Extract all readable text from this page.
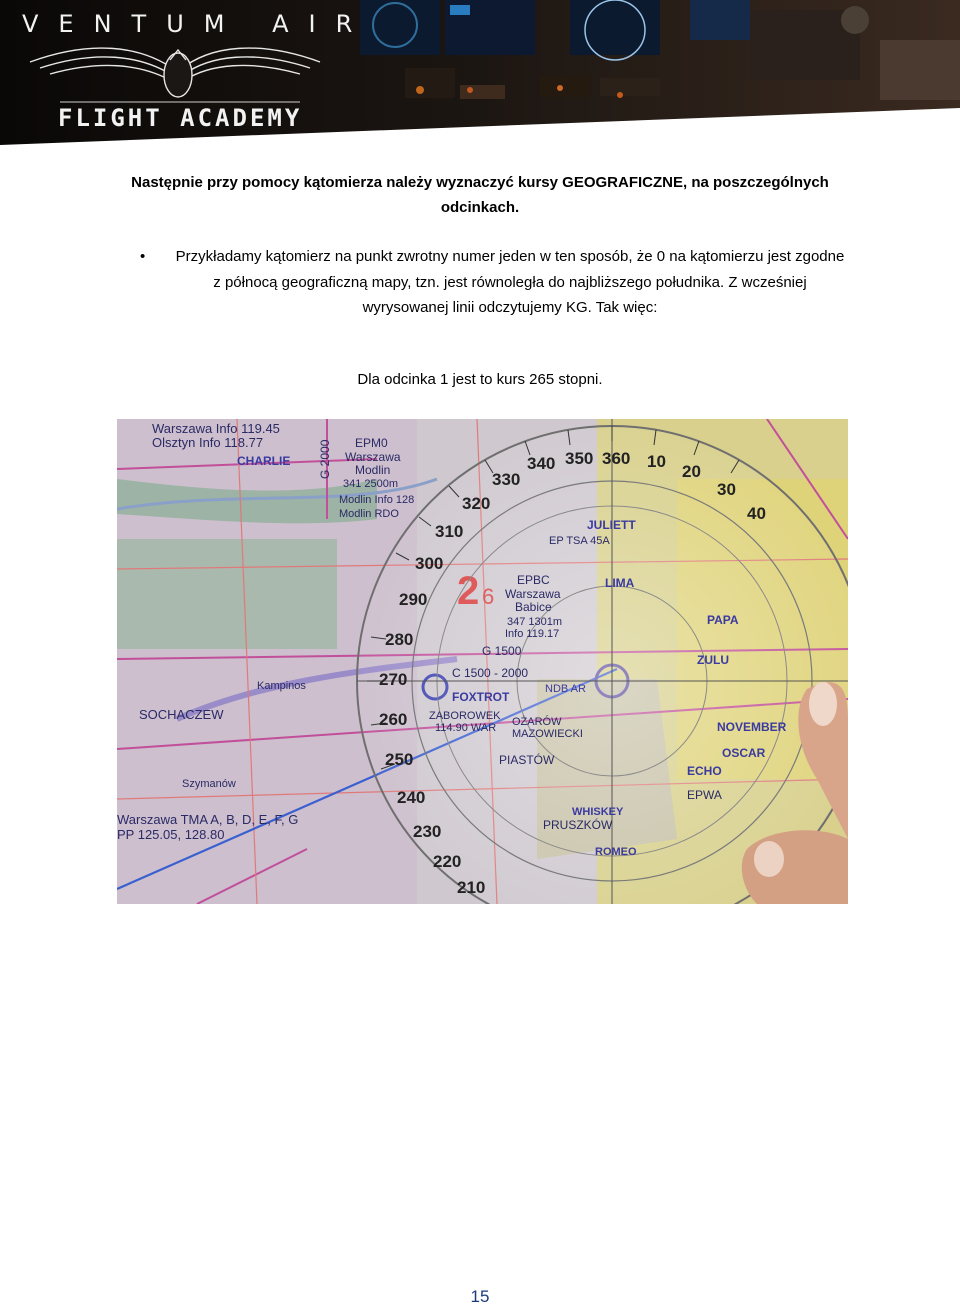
VENTUM AIR
FLIGHT ACADEMY
Następnie przy pomocy kątomierza należy wyznaczyć kursy GEOGRAFICZNE, na poszczególnych odcinkach.
•	Przykładamy kątomierz na punkt zwrotny numer jeden w ten sposób, że 0 na kątomierzu jest zgodne z północą geograficzną mapy, tzn. jest równoległa do najbliższego południka. Z wcześniej wyrysowanej linii odczytujemy KG. Tak więc:
Dla odcinka 1 jest to kurs 265 stopni.
350 360 10
20
30
40
340
330
320
310
300
290
280
270
260
250
240
230
220
210
Warszawa Info 119.45
Olsztyn Info 118.77
CHARLIE
EPM0
Warszawa
Modlin
341 2500m
Modlin Info 128
Modlin RDO
SOCHACZEW
Kampinos
Szymanów
Warszawa TMA A, B, D, E, F, G
PP 125.05, 128.80
EPBC
Warszawa
Babice
347 1301m
Info 119.17
FOXTROT
ZABOROWEK
114.90 WAR OŻARÓW
MAZOWIECKI
PIASTÓW
PRUSZKÓW
ROMEO
WHISKEY
JULIETT
EP TSA 45A
PAPA
ZULU
NOVEMBER
OSCAR
ECHO
EPWA
LIMA
G 1500
C 1500 - 2000
NDB AR
G 2000
15
